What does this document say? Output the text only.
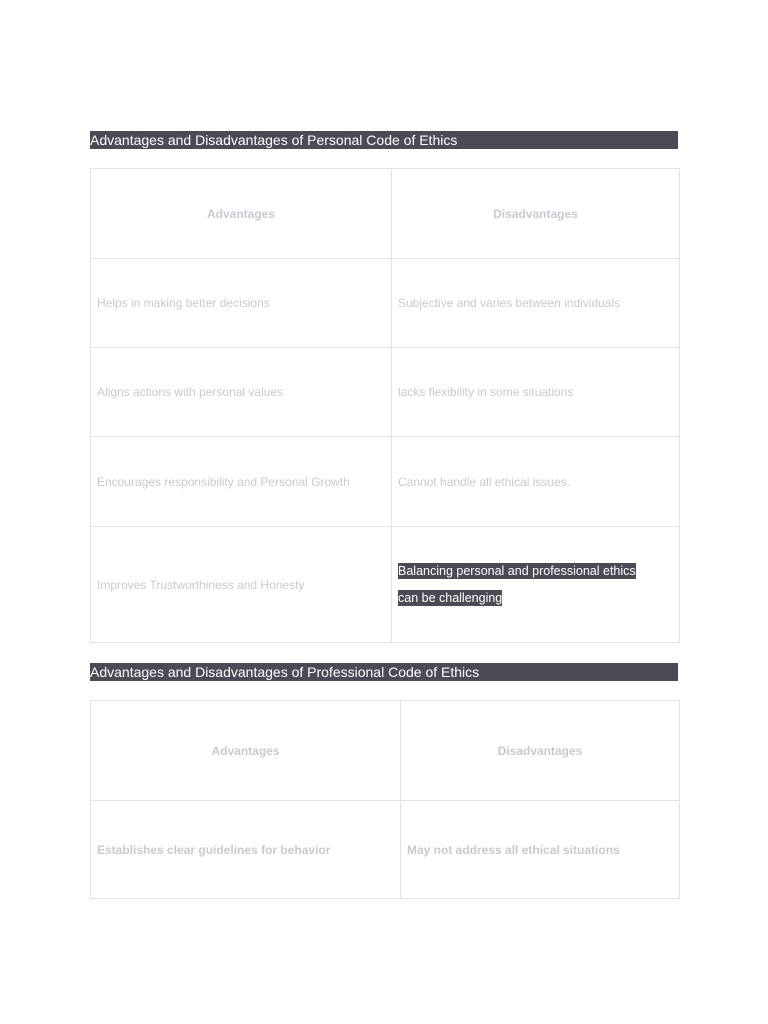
Advantages and Disadvantages of Personal Code of Ethics
Advantages	Disadvantages
Helps in making better decisions	Subjective and varies between individuals
Aligns actions with personal values	lacks flexibility in some situations
Encourages responsibility and Personal Growth	Cannot handle all ethical issues.
Improves Trustworthiness and Honesty	Balancing personal and professional ethics
can be challenging
Advantages and Disadvantages of Professional Code of Ethics
Advantages	Disadvantages
Establishes clear guidelines for behavior	May not address all ethical situations
